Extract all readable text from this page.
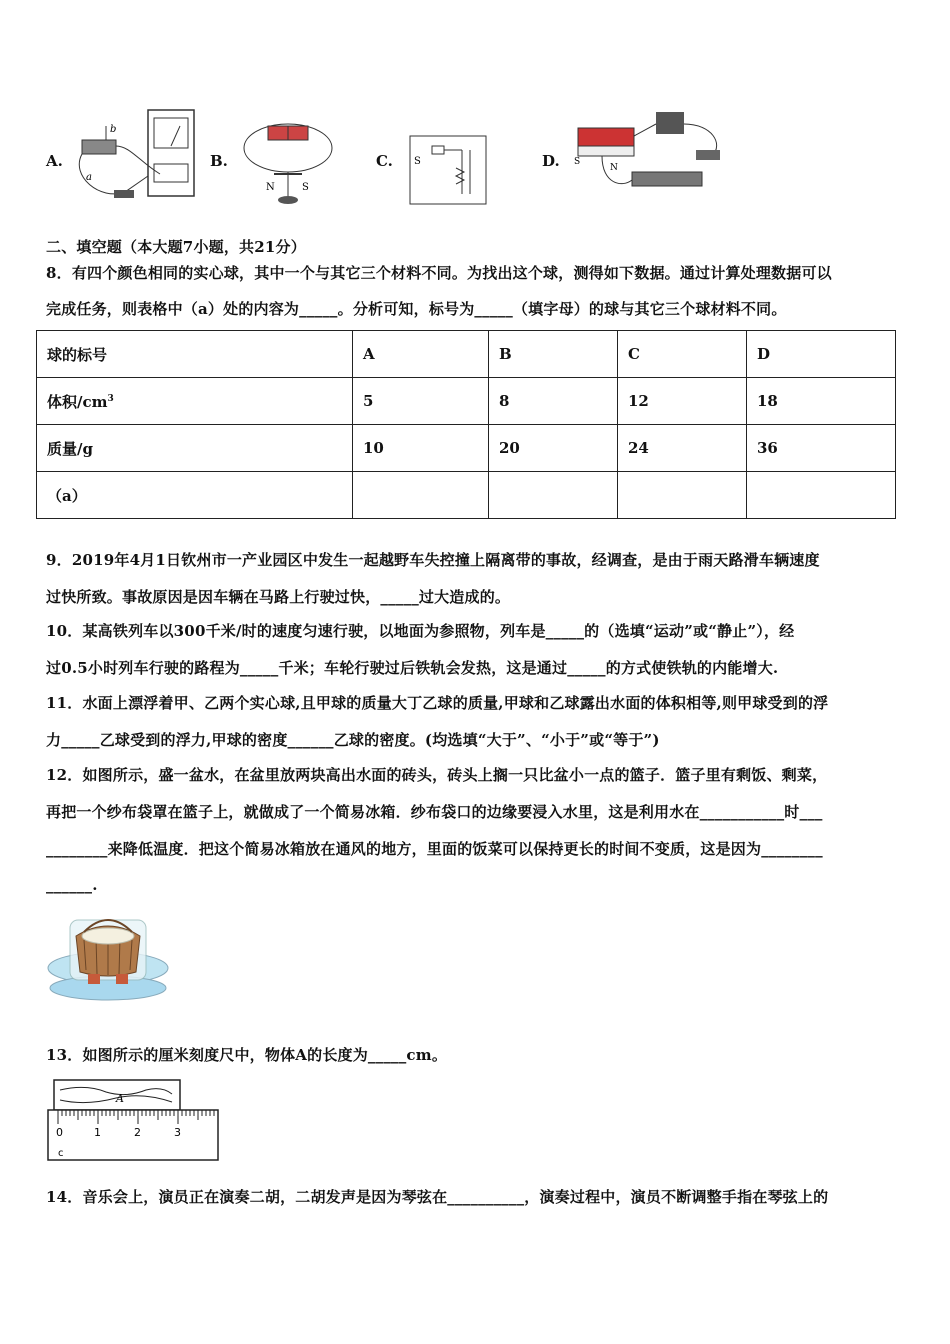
A.
b
a
B.
N	S
C. S	D. S
N
二、填空题（本大题7小题，共21分）
8．有四个颜色相同的实心球，其中一个与其它三个材料不同。为找出这个球，测得如下数据。通过计算处理数据可以
完成任务，则表格中（a）处的内容为_____。分析可知，标号为_____（填字母）的球与其它三个球材料不同。
球的标号	A	B	C	D
体积$/cm^3$	5	8	12	18
质量/g	10	20	24	36
（a）				
9．2019年4月1日钦州市一产业园区中发生一起越野车失控撞上隔离带的事故，经调查，是由于雨天路滑车辆速度
过快所致。事故原因是因车辆在马路上行驶过快，_____过大造成的。
10．某高铁列车以300千米/时的速度匀速行驶，以地面为参照物，列车是_____的（选填“运动”或“静止”），经
过0.5小时列车行驶的路程为_____千米；车轮行驶过后铁轨会发热，这是通过_____的方式使铁轨的内能增大.
11．水面上漂浮着甲、乙两个实心球,且甲球的质量大丁乙球的质量,甲球和乙球露出水面的体积相等,则甲球受到的浮
力_____乙球受到的浮力,甲球的密度______乙球的密度。(均选填“大于”、“小于”或“等于”)
12．如图所示，盛一盆水，在盆里放两块高出水面的砖头，砖头上搁一只比盆小一点的篮子．篮子里有剩饭、剩菜，
再把一个纱布袋罩在篮子上，就做成了一个简易冰箱．纱布袋口的边缘要浸入水里，这是利用水在___________时___
________来降低温度．把这个简易冰箱放在通风的地方，里面的饭菜可以保持更长的时间不变质，这是因为________
______.
13．如图所示的厘米刻度尺中，物体A的长度为_____cm。
A
0	1	2	3
c
14．音乐会上，演员正在演奏二胡，二胡发声是因为琴弦在__________，演奏过程中，演员不断调整手指在琴弦上的
